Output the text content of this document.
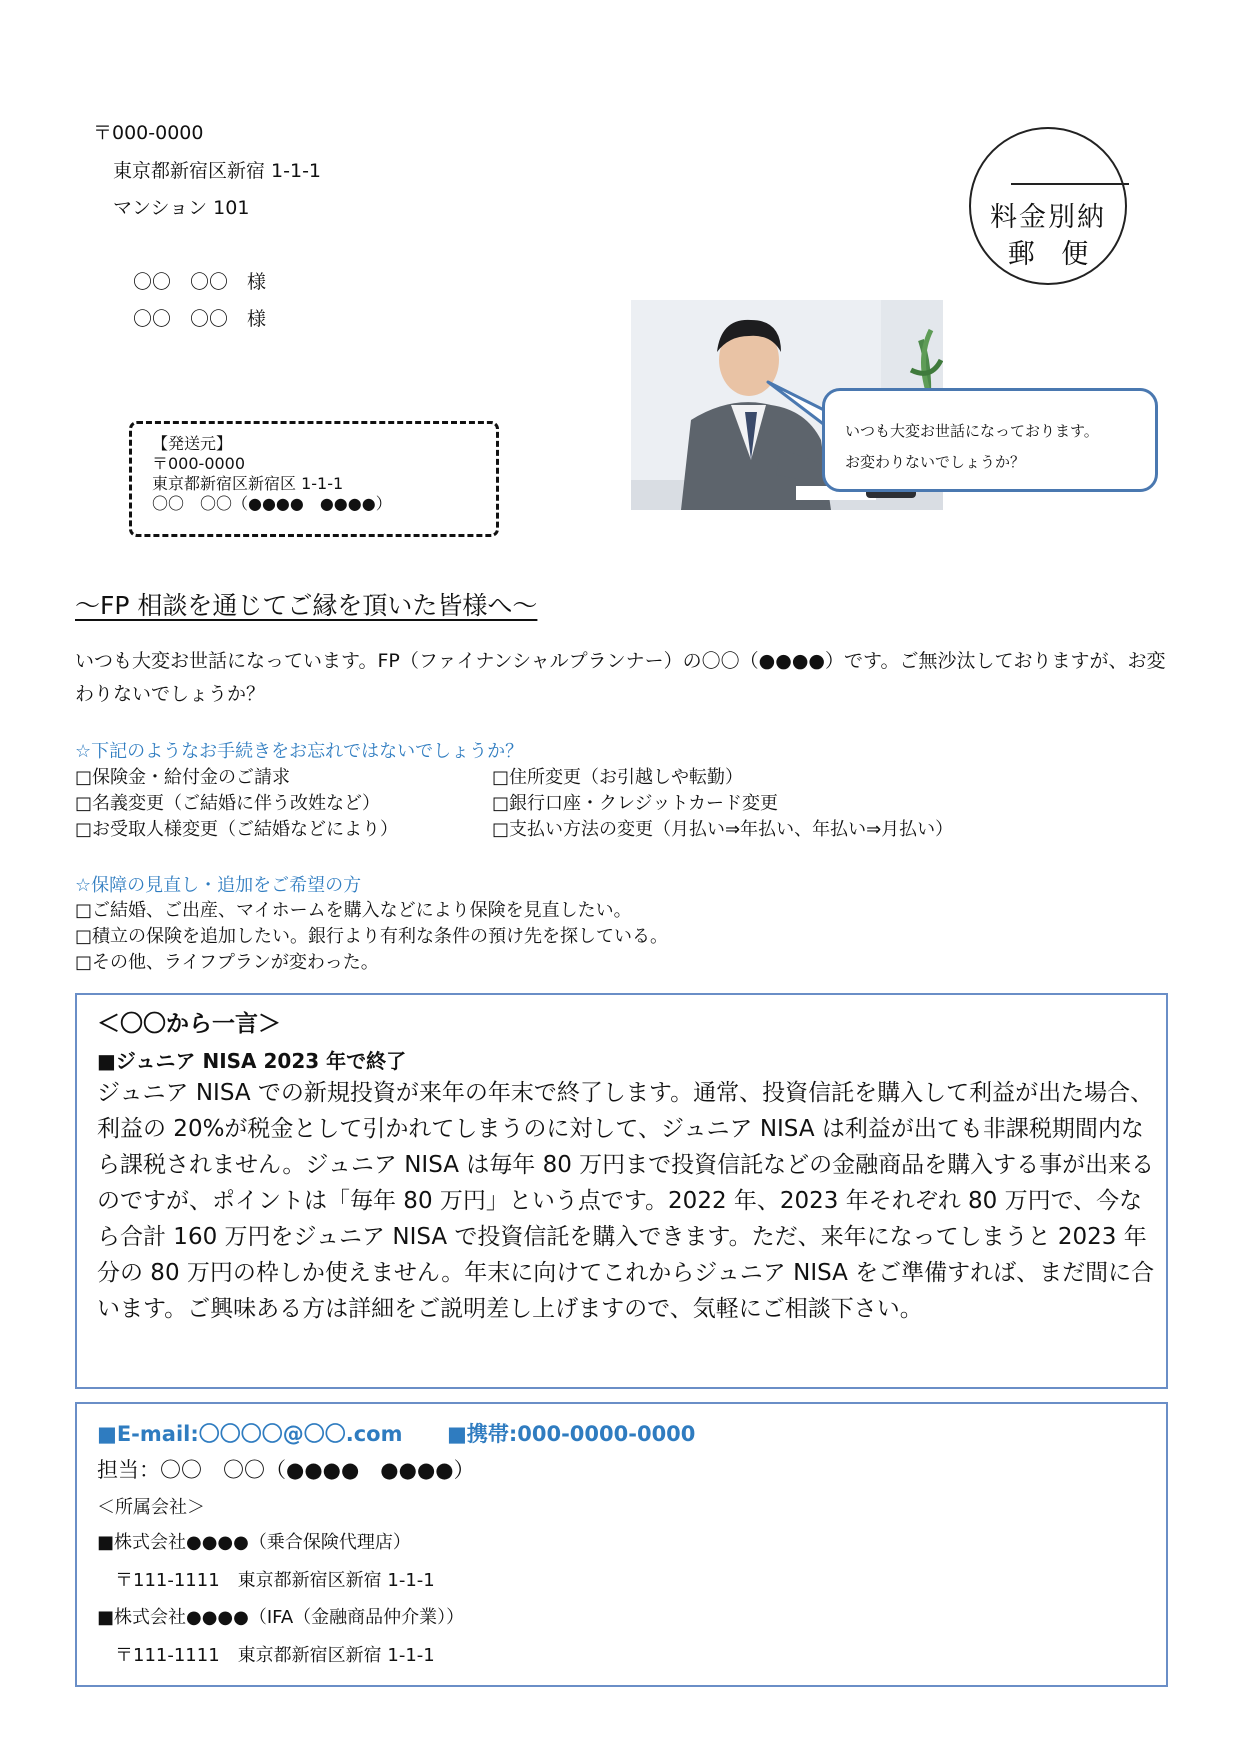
〒000-0000
東京都新宿区新宿 1-1-1
マンション 101
〇〇　〇〇　様
〇〇　〇〇　様
料金別納
郵 便
【発送元】
〒000-0000
東京都新宿区新宿区 1-1-1
〇〇　〇〇（●●●●　●●●●）
いつも大変お世話になっております。
お変わりないでしょうか？
～FP 相談を通じてご縁を頂いた皆様へ～
いつも大変お世話になっています。FP（ファイナンシャルプランナー）の〇〇（●●●●）です。ご無沙汰しておりますが、お変わりないでしょうか？
☆下記のようなお手続きをお忘れではないでしょうか？
□保険金・給付金のご請求
□名義変更（ご結婚に伴う改姓など）
□お受取人様変更（ご結婚などにより）
□住所変更（お引越しや転勤）
□銀行口座・クレジットカード変更
□支払い方法の変更（月払い⇒年払い、年払い⇒月払い）
☆保障の見直し・追加をご希望の方
□ご結婚、ご出産、マイホームを購入などにより保険を見直したい。
□積立の保険を追加したい。銀行より有利な条件の預け先を探している。
□その他、ライフプランが変わった。
＜〇〇から一言＞
■ジュニア NISA 2023 年で終了
ジュニア NISA での新規投資が来年の年末で終了します。通常、投資信託を購入して利益が出た場合、利益の 20%が税金として引かれてしまうのに対して、ジュニア NISA は利益が出ても非課税期間内なら課税されません。ジュニア NISA は毎年 80 万円まで投資信託などの金融商品を購入する事が出来るのですが、ポイントは「毎年 80 万円」という点です。2022 年、2023 年それぞれ 80 万円で、今なら合計 160 万円をジュニア NISA で投資信託を購入できます。ただ、来年になってしまうと 2023 年分の 80 万円の枠しか使えません。年末に向けてこれからジュニア NISA をご準備すれば、まだ間に合います。ご興味ある方は詳細をご説明差し上げますので、気軽にご相談下さい。
■E-mail:〇〇〇〇@〇〇.com ■携帯:000-0000-0000
担当：〇〇　〇〇（●●●●　●●●●）
＜所属会社＞
■株式会社●●●●（乗合保険代理店）
〒111-1111　東京都新宿区新宿 1-1-1
■株式会社●●●●（IFA（金融商品仲介業））
〒111-1111　東京都新宿区新宿 1-1-1
